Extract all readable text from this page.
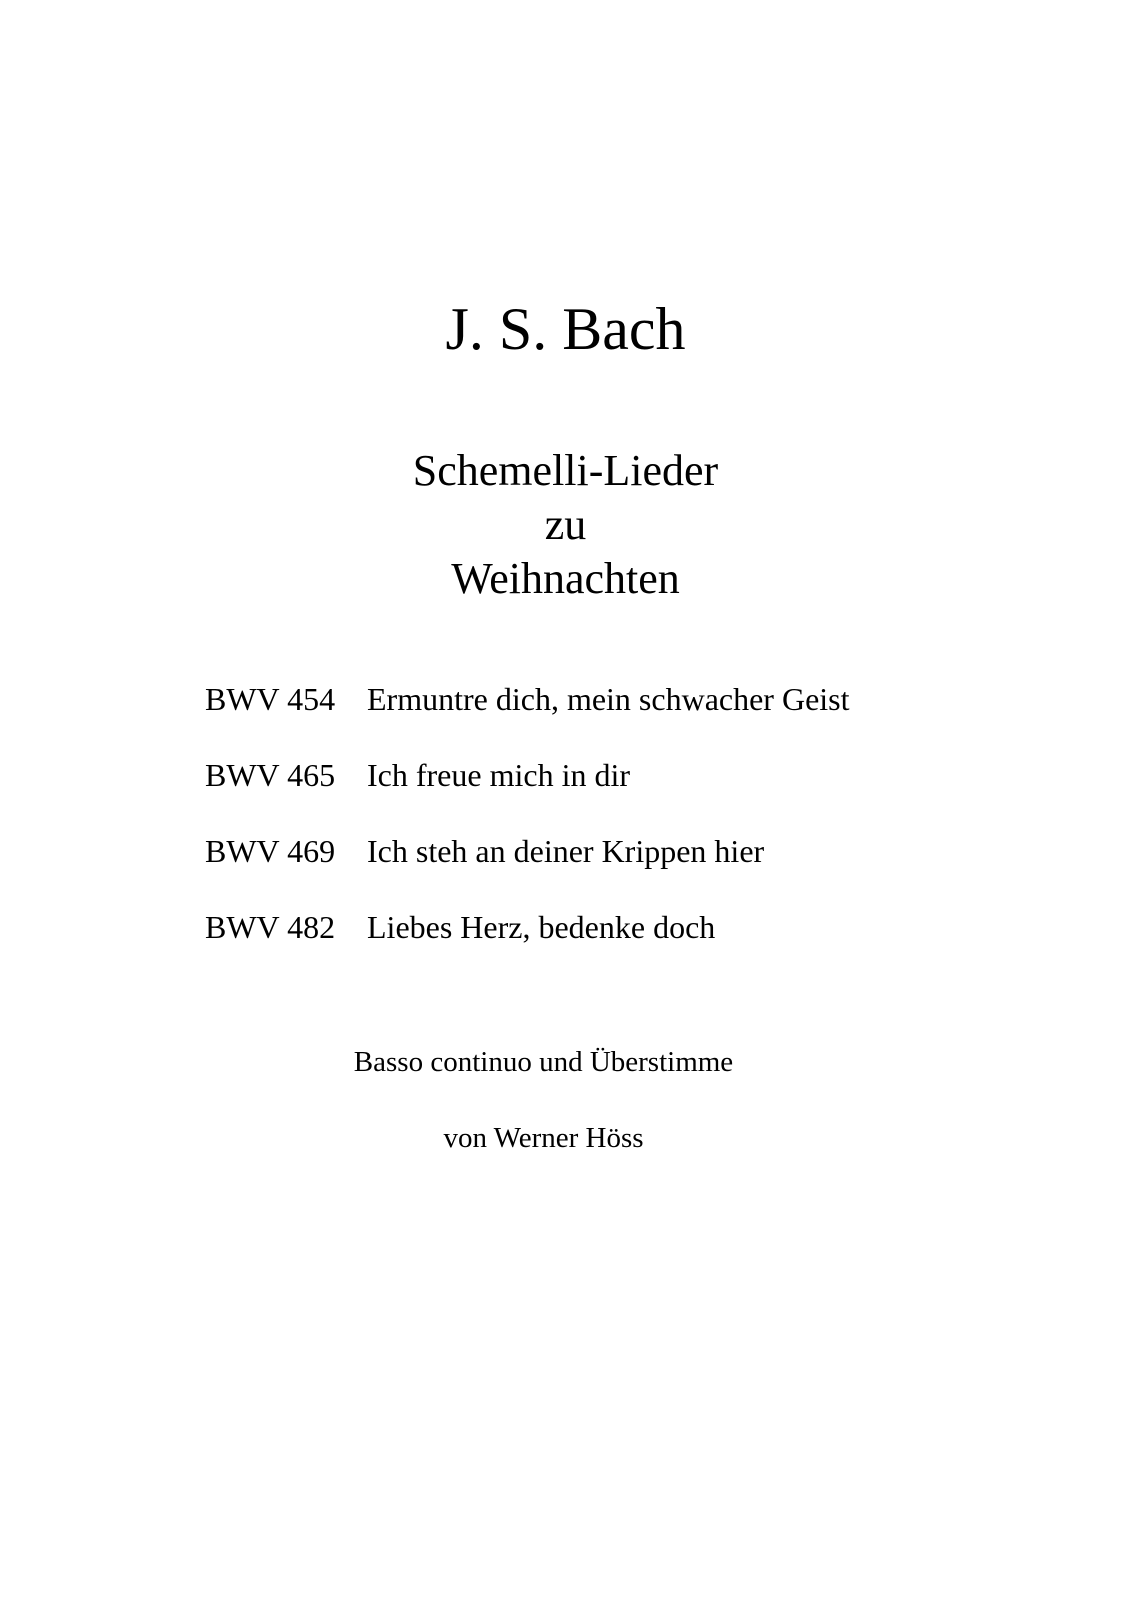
J. S. Bach
Schemelli-Lieder
zu
Weihnachten
BWV 454 Ermuntre dich, mein schwacher Geist
BWV 465 Ich freue mich in dir
BWV 469 Ich steh an deiner Krippen hier
BWV 482 Liebes Herz, bedenke doch
Basso continuo und Überstimme
von Werner Höss
